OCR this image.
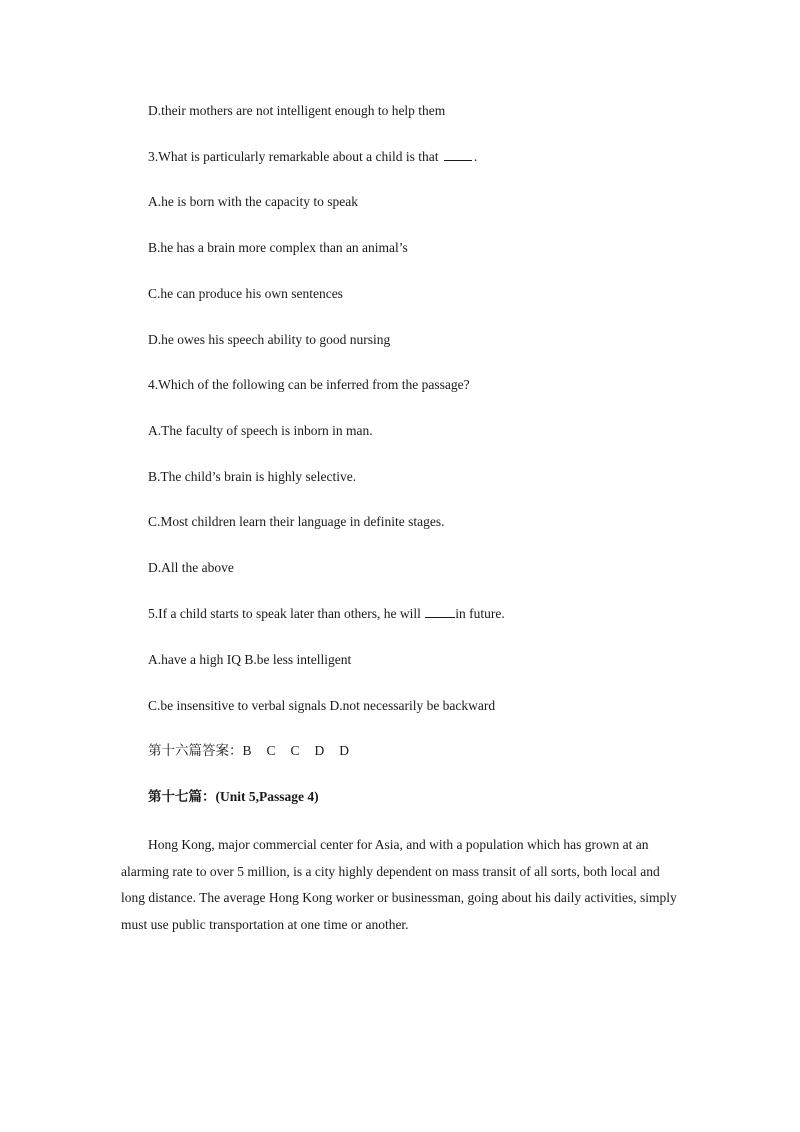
D.their mothers are not intelligent enough to help them
3.What is particularly remarkable about a child is that .
A.he is born with the capacity to speak
B.he has a brain more complex than an animal’s
C.he can produce his own sentences
D.he owes his speech ability to good nursing
4.Which of the following can be inferred from the passage?
A.The faculty of speech is inborn in man.
B.The child’s brain is highly selective.
C.Most children learn their language in definite stages.
D.All the above
5.If a child starts to speak later than others, he will in future.
A.have a high IQ B.be less intelligent
C.be insensitive to verbal signals D.not necessarily be backward
第十六篇答案：B C C D D
第十七篇：(Unit 5,Passage 4)

Hong Kong, major commercial center for Asia, and with a population which has grown at an alarming rate to over 5 million, is a city highly dependent on mass transit of all sorts, both local and long distance. The average Hong Kong worker or businessman, going about his daily activities, simply must use public transportation at one time or another.
